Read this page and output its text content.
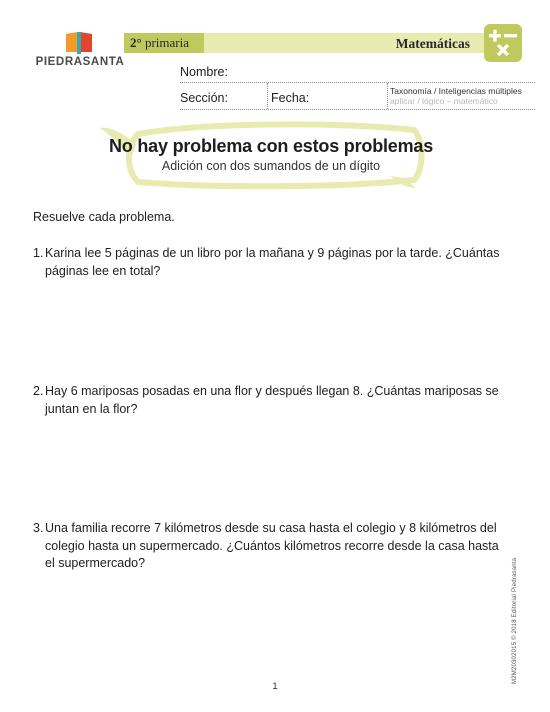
PIEDRASANTA
2° primaria	Matemáticas
Nombre:
Sección:	Fecha:	Taxonomía / Inteligencias múltiples
aplicar / lógico – matemático
No hay problema con estos problemas
Adición con dos sumandos de un dígito
Resuelve cada problema.
1. Karina lee 5 páginas de un libro por la mañana y 9 páginas por la tarde. ¿Cuántas páginas lee en total?
2. Hay 6 mariposas posadas en una flor y después llegan 8. ¿Cuántas mariposas se juntan en la flor?
3. Una familia recorre 7 kilómetros desde su casa hasta el colegio y 8 kilómetros del colegio hasta un supermercado. ¿Cuántos kilómetros recorre desde la casa hasta el supermercado?	M2M20302015 © 2018 Editorial Piedrasanta
1
